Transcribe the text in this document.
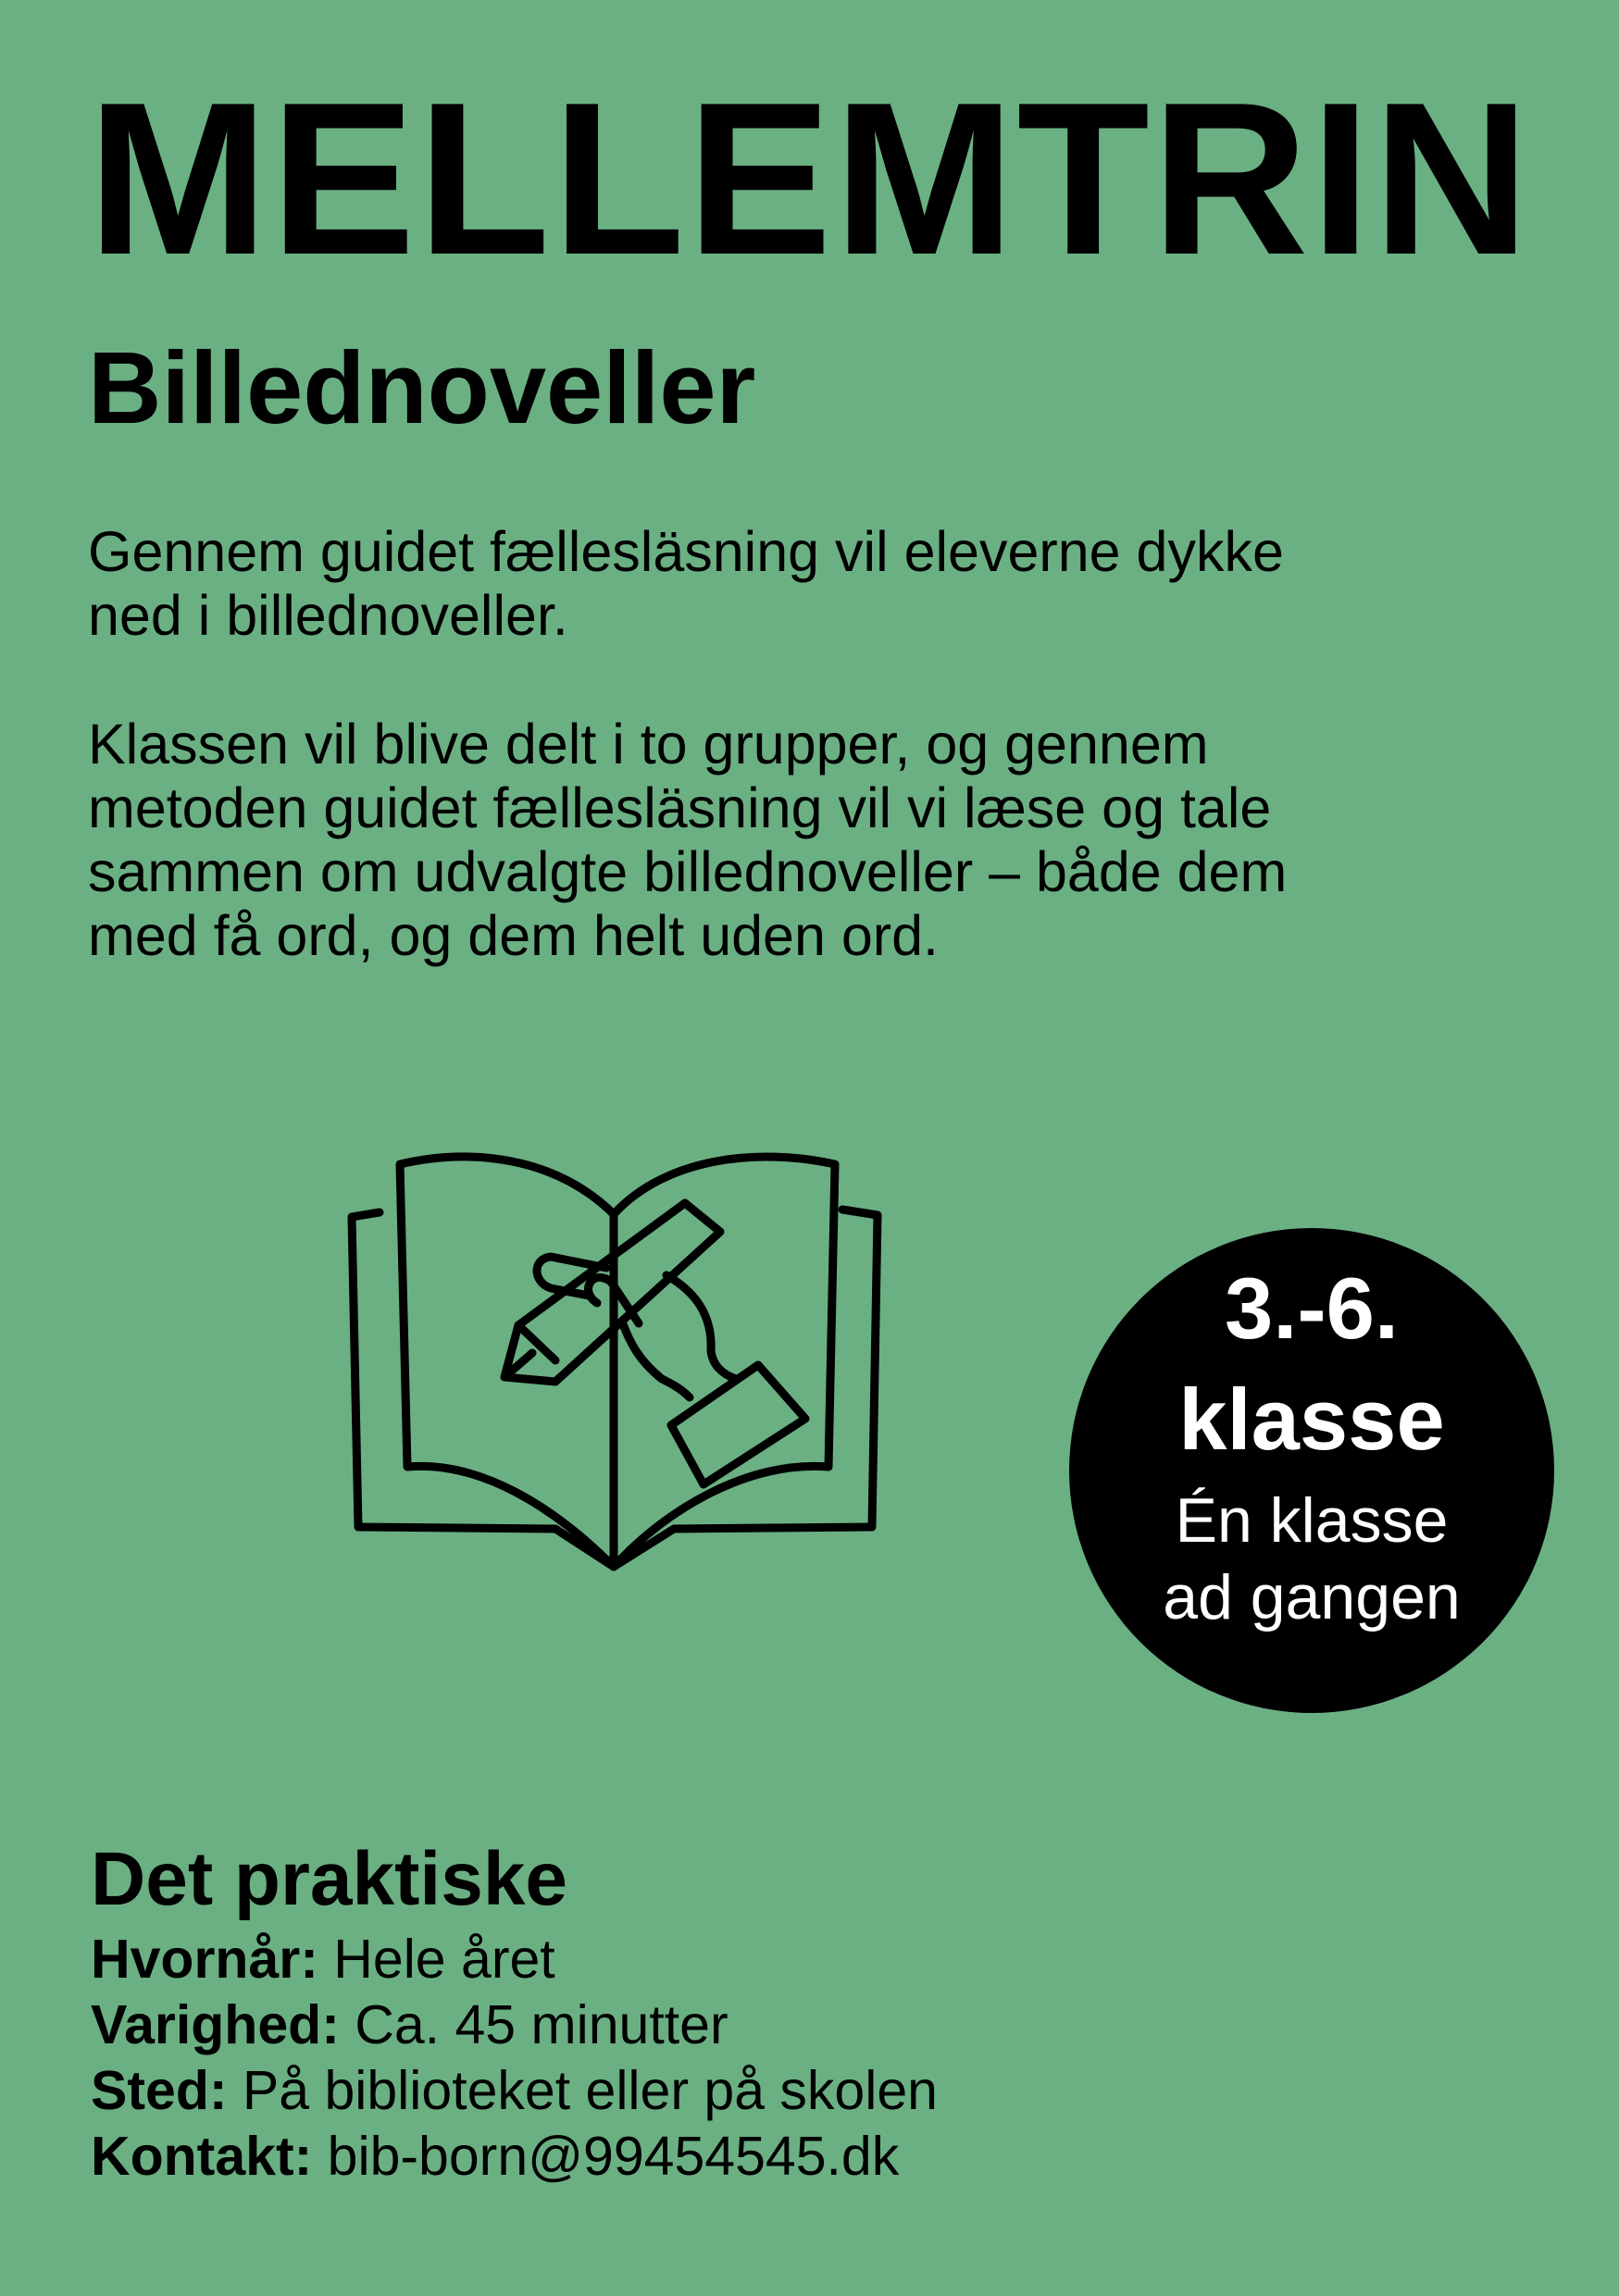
MELLEMTRIN
Billednoveller
Gennem guidet fællesläsning vil eleverne dykke
ned i billednoveller.
Klassen vil blive delt i to grupper, og gennem
metoden guidet fællesläsning vil vi læse og tale
sammen om udvalgte billednoveller – både dem
med få ord, og dem helt uden ord.
3.-6.
klasse
Én klasse
ad gangen
Det praktiske
Hvornår: Hele året
Varighed: Ca. 45 minutter
Sted: På biblioteket eller på skolen
Kontakt: bib-born@99454545.dk
